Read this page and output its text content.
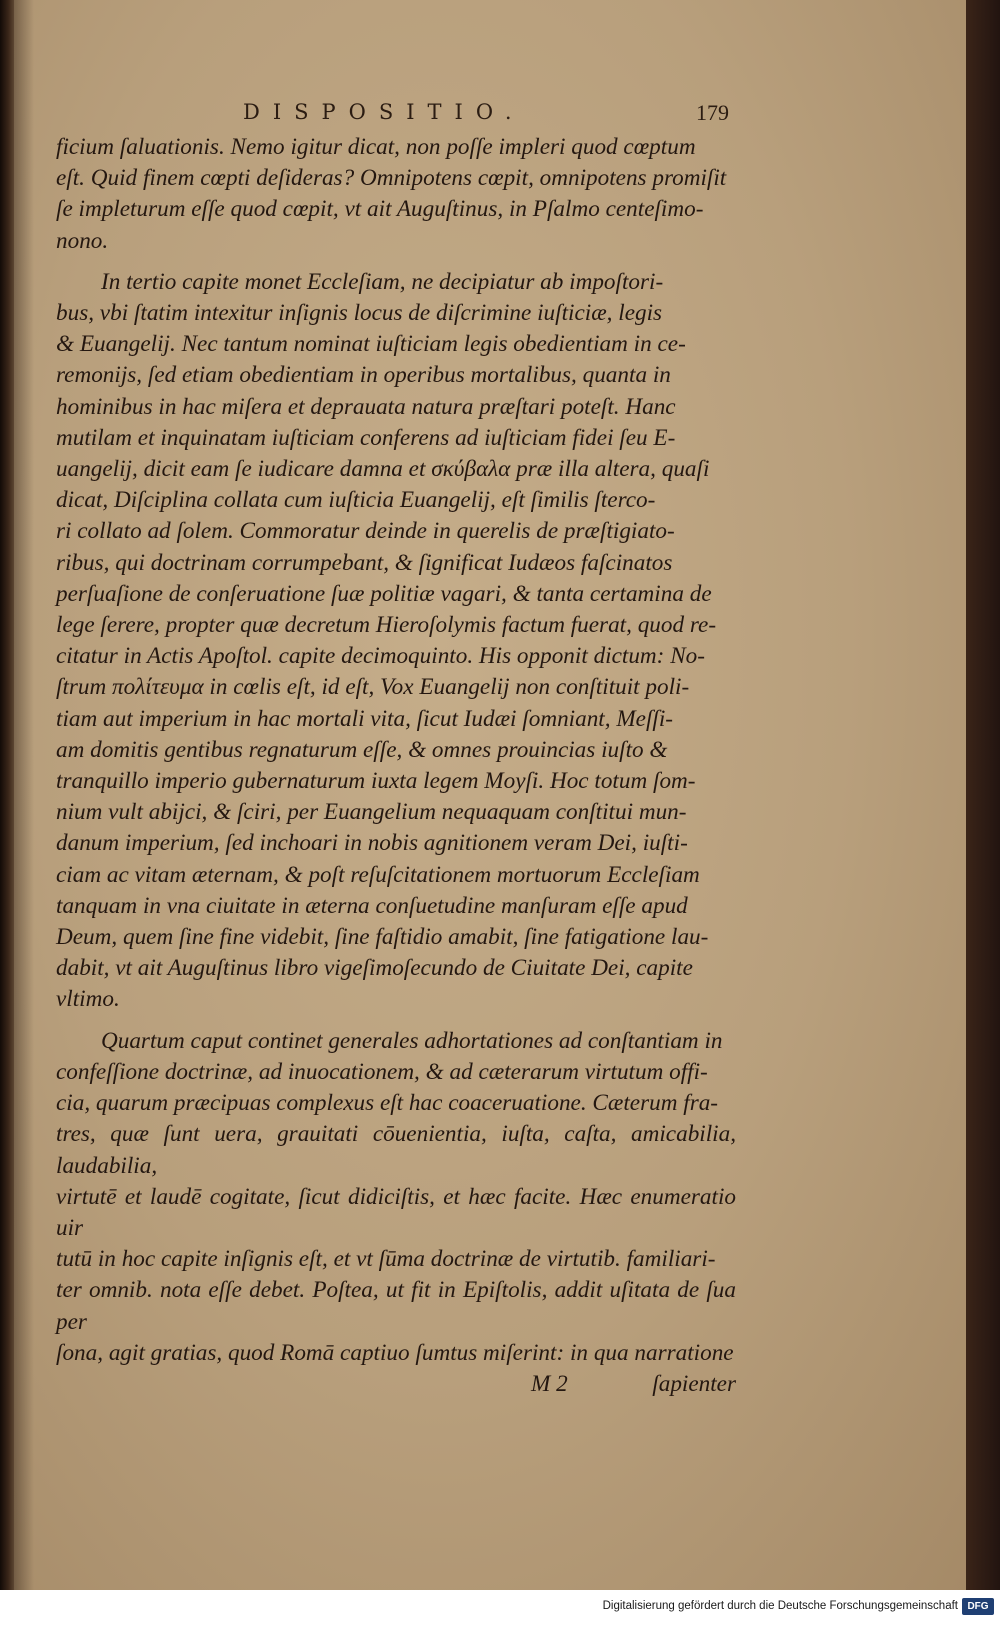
DISPOSITIO.	179

ficium ſaluationis. Nemo igitur dicat, non poſſe impleri quod cœptum

eſt. Quid finem cœpti deſideras? Omnipotens cœpit, omnipotens promiſit

ſe impleturum eſſe quod cœpit, vt ait Auguſtinus, in Pſalmo centeſimo-

nono.

In tertio capite monet Eccleſiam, ne decipiatur ab impoſtori-

bus, vbi ſtatim intexitur inſignis locus de diſcrimine iuſticiæ, legis

& Euangelij. Nec tantum nominat iuſticiam legis obedientiam in ce-

remonijs, ſed etiam obedientiam in operibus mortalibus, quanta in

hominibus in hac miſera et deprauata natura præſtari poteſt. Hanc

mutilam et inquinatam iuſticiam conferens ad iuſticiam fidei ſeu E-

uangelij, dicit eam ſe iudicare damna et σκύβαλα præ illa altera, quaſi

dicat, Diſciplina collata cum iuſticia Euangelij, eſt ſimilis ſterco-

ri collato ad ſolem. Commoratur deinde in querelis de præſtigiato-

ribus, qui doctrinam corrumpebant, & ſignificat Iudæos faſcinatos

perſuaſione de conſeruatione ſuæ politiæ vagari, & tanta certamina de

lege ſerere, propter quæ decretum Hieroſolymis factum fuerat, quod re-

citatur in Actis Apoſtol. capite decimoquinto. His opponit dictum: No-

ſtrum πολίτευμα in cœlis eſt, id eſt, Vox Euangelij non conſtituit poli-

tiam aut imperium in hac mortali vita, ſicut Iudæi ſomniant, Meſſi-

am domitis gentibus regnaturum eſſe, & omnes prouincias iuſto &

tranquillo imperio gubernaturum iuxta legem Moyſi. Hoc totum ſom-

nium vult abijci, & ſciri, per Euangelium nequaquam conſtitui mun-

danum imperium, ſed inchoari in nobis agnitionem veram Dei, iuſti-

ciam ac vitam æternam, & poſt reſuſcitationem mortuorum Eccleſiam

tanquam in vna ciuitate in æterna conſuetudine manſuram eſſe apud

Deum, quem ſine fine videbit, ſine faſtidio amabit, ſine fatigatione lau-

dabit, vt ait Auguſtinus libro vigeſimoſecundo de Ciuitate Dei, capite

vltimo.

Quartum caput continet generales adhortationes ad conſtantiam in

confeſſione doctrinæ, ad inuocationem, & ad cæterarum virtutum offi-

cia, quarum præcipuas complexus eſt hac coaceruatione. Cæterum fra-

tres, quæ ſunt uera, grauitati cōuenientia, iuſta, caſta, amicabilia, laudabilia,

virtutē et laudē cogitate, ſicut didiciſtis, et hæc facite. Hæc enumeratio uir

tutū in hoc capite inſignis eſt, et vt ſūma doctrinæ de virtutib. familiari-

ter omnib. nota eſſe debet. Poſtea, ut fit in Epiſtolis, addit uſitata de ſua per

ſona, agit gratias, quod Romā captiuo ſumtus miſerint: in qua narratione

M 2	ſapienter
Digitalisierung gefördert durch die Deutsche Forschungsgemeinschaft DFG
